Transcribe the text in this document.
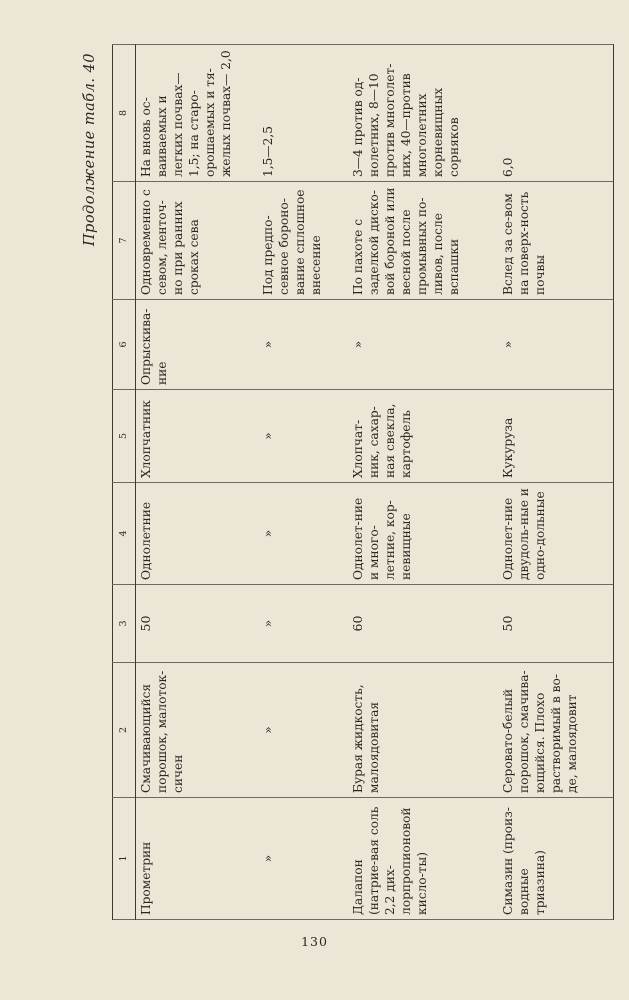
Продолжение табл. 40
1	2	3	4	5	6	7	8
Прометрин	Смачивающийся порошок, малоток-сичен	50	Однолетние	Хлопчатник	Опрыскива-ние	Одновременно с севом, ленточ-но при ранних сроках сева	На вновь ос-ваиваемых и легких почвах— 1,5; на старо-орошаемых и тя-желых почвах— 2,0
»	»	»	»	»	»	Под предпо-севное бороно-вание сплошное внесение	1,5—2,5
Далапон (натрие-вая соль 2,2 дих-лорпропионовой кисло-ты)	Бурая жидкость, малоядовитая	60	Однолет-ние и много-летние, кор-невищные	Хлопчат-ник, сахар-ная свекла, картофель	»	По пахоте с заделкой диско-вой бороной или весной после промывных по-ливов, после вспашки	3—4 против од-нолетних, 8—10 против многолет-них, 40—против многолетних корневищных сорняков
Симазин (произ-водные триазина)	Серовато-белый порошок, смачива-ющийся. Плохо растворимый в во-де, малоядовит	50	Однолет-ние двудоль-ные и одно-дольные	Кукуруза	»	Вслед за се-вом на поверх-ность почвы	6,0
130
